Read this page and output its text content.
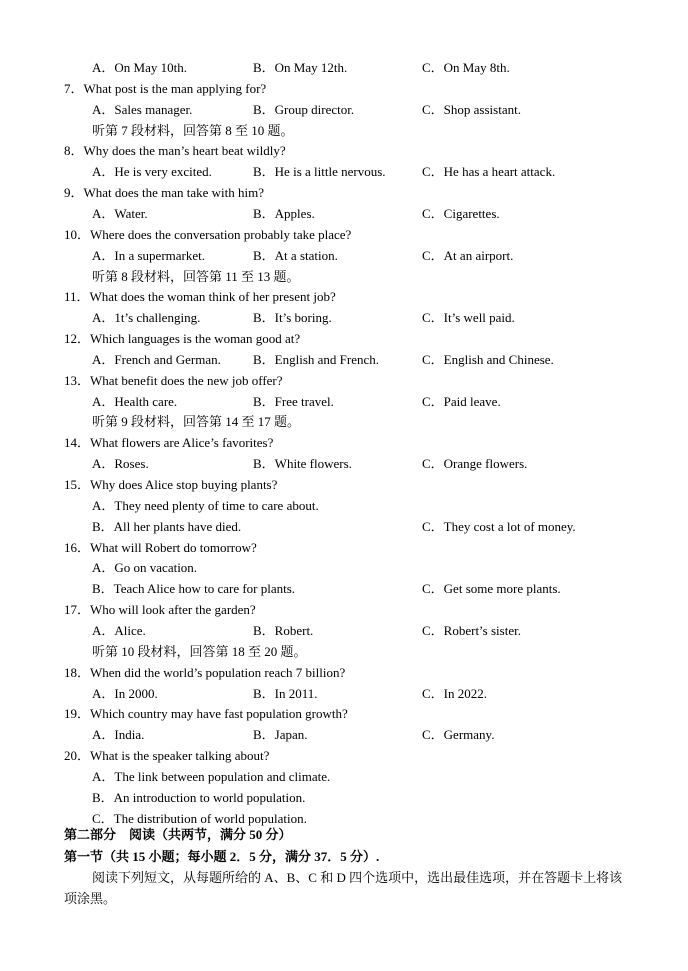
A．On May 10th.	B．On May 12th.	C．On May 8th.
7．What post is the man applying for?
A．Sales manager.	B．Group director.	C．Shop assistant.
听第 7 段材料，回答第 8 至 10 题。
8．Why does the man’s heart beat wildly?
A．He is very excited.	B．He is a little nervous.	C．He has a heart attack.
9．What does the man take with him?
A．Water.	B．Apples.	C．Cigarettes.
10．Where does the conversation probably take place?
A．In a supermarket.	B．At a station.	C．At an airport.
听第 8 段材料，回答第 11 至 13 题。
11．What does the woman think of her present job?
A．1t’s challenging.	B．It’s boring.	C．It’s well paid.
12．Which languages is the woman good at?
A．French and German. B．English and French.	C．English and Chinese.
13．What benefit does the new job offer?
A．Health care.	B．Free travel.	C．Paid leave.
听第 9 段材料，回答第 14 至 17 题。
14．What flowers are Alice’s favorites?
A．Roses.	B．White flowers.	C．Orange flowers.
15．Why does Alice stop buying plants?
A．They need plenty of time to care about.
B．All her plants have died.	C．They cost a lot of money.
16．What will Robert do tomorrow?
A．Go on vacation.
B．Teach Alice how to care for plants.	C．Get some more plants.
17．Who will look after the garden?
A．Alice.	B．Robert.	C．Robert’s sister.
听第 10 段材料，回答第 18 至 20 题。
18．When did the world’s population reach 7 billion?
A．In 2000.	B．In 2011.	C．In 2022.
19．Which country may have fast population growth?
A．India.	B．Japan.	C．Germany.
20．What is the speaker talking about?
A．The link between population and climate.
B．An introduction to world population.
C．The distribution of world population.
第二部分　阅读（共两节，满分 50 分）
第一节（共 15 小题；每小题 2．5 分，满分 37．5 分）.
阅读下列短文，从每题所给的 A、B、C 和 D 四个选项中，选出最佳选项，并在答题卡上将该项涂黑。
